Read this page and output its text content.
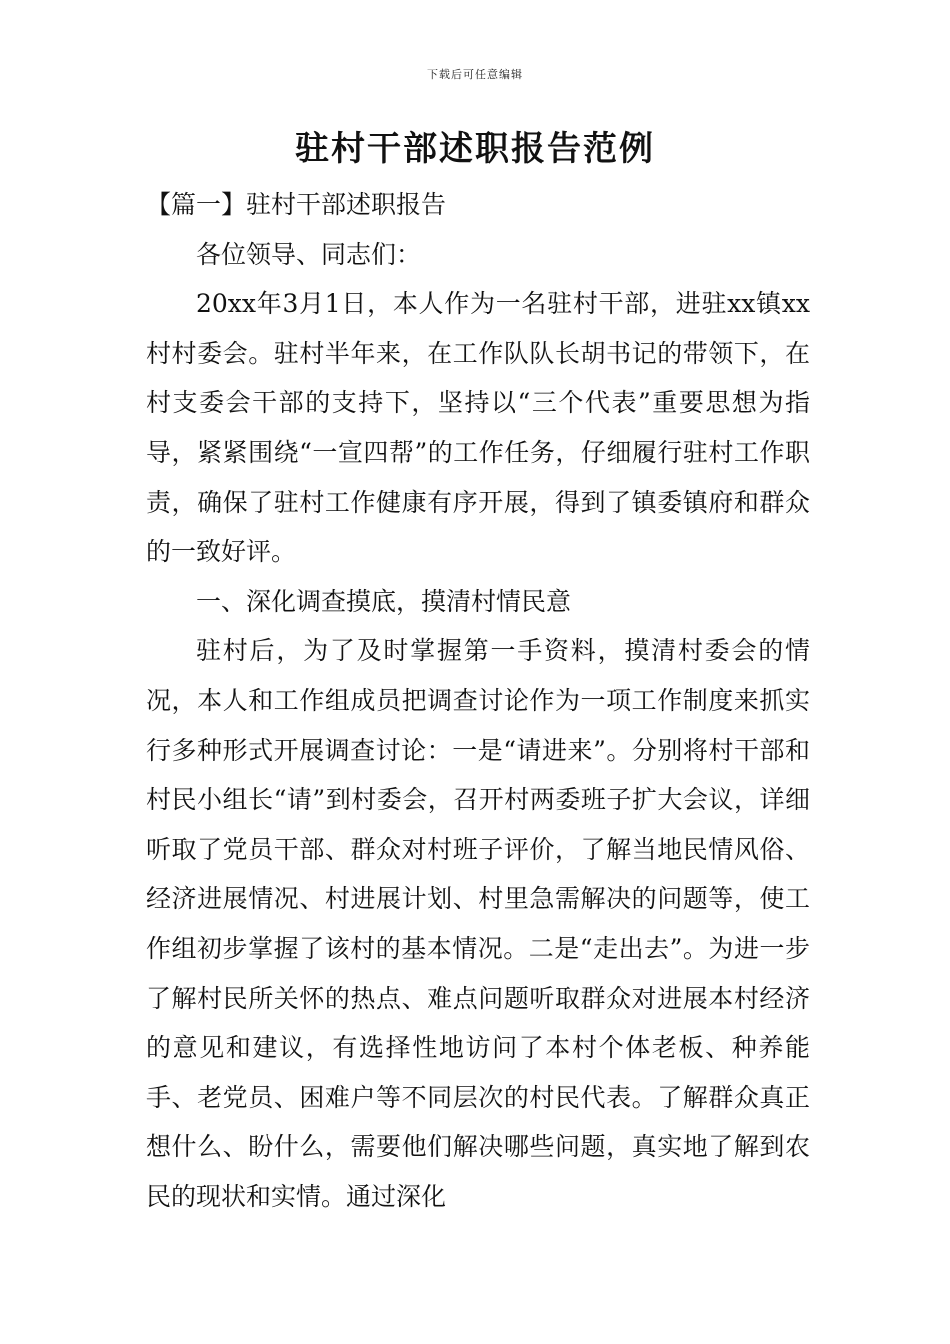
下载后可任意编辑
驻村干部述职报告范例

【篇一】驻村干部述职报告

各位领导、同志们：

20xx年3月1日，本人作为一名驻村干部，进驻xx镇xx村村委会。驻村半年来，在工作队队长胡书记的带领下，在村支委会干部的支持下，坚持以“三个代表”重要思想为指导，紧紧围绕“一宣四帮”的工作任务，仔细履行驻村工作职责，确保了驻村工作健康有序开展，得到了镇委镇府和群众的一致好评。

一、深化调查摸底，摸清村情民意

驻村后，为了及时掌握第一手资料，摸清村委会的情况，本人和工作组成员把调查讨论作为一项工作制度来抓实行多种形式开展调查讨论：一是“请进来”。分别将村干部和村民小组长“请”到村委会，召开村两委班子扩大会议，详细听取了党员干部、群众对村班子评价，了解当地民情风俗、经济进展情况、村进展计划、村里急需解决的问题等，使工作组初步掌握了该村的基本情况。二是“走出去”。为进一步了解村民所关怀的热点、难点问题听取群众对进展本村经济的意见和建议，有选择性地访问了本村个体老板、种养能手、老党员、困难户等不同层次的村民代表。了解群众真正想什么、盼什么，需要他们解决哪些问题，真实地了解到农民的现状和实情。通过深化
